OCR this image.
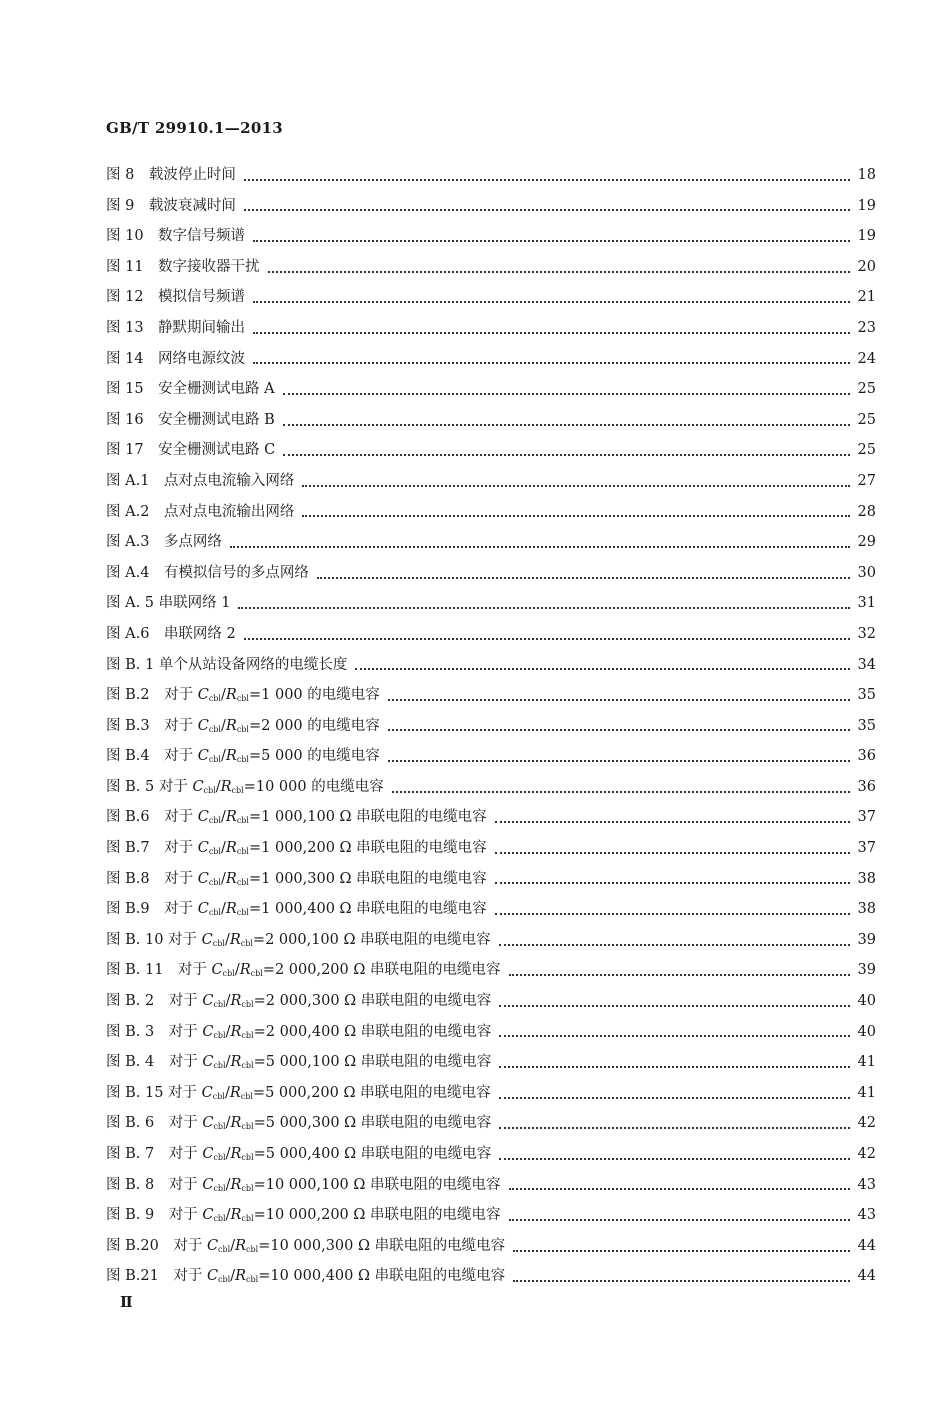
GB/T 29910.1—2013
图 8　载波停止时间	18
图 9　载波衰减时间	19
图 10　数字信号频谱	19
图 11　数字接收器干扰	20
图 12　模拟信号频谱	21
图 13　静默期间输出	23
图 14　网络电源纹波	24
图 15　安全栅测试电路 A	25
图 16　安全栅测试电路 B	25
图 17　安全栅测试电路 C	25
图 A.1　点对点电流输入网络	27
图 A.2　点对点电流输出网络	28
图 A.3　多点网络	29
图 A.4　有模拟信号的多点网络	30
图 A. 5 串联网络 1	31
图 A.6　串联网络 2	32
图 B. 1 单个从站设备网络的电缆长度	34
图 B.2　对于 $C_{cbl}/R_{cbl}=1$ 000 的电缆电容	35
图 B.3　对于 $C_{cbl}/R_{cbl}=2$ 000 的电缆电容	35
图 B.4　对于 $C_{cbl}/R_{cbl}=5$ 000 的电缆电容	36
图 B. 5 对于 $C_{cbl}/R_{cbl}=10$ 000 的电缆电容	36
图 B.6　对于 $C_{cbl}/R_{cbl}=1$ 000,100 Ω 串联电阻的电缆电容	37
图 B.7　对于 $C_{cbl}/R_{cbl}=1$ 000,200 Ω 串联电阻的电缆电容	37
图 B.8　对于 $C_{cbl}/R_{cbl}=1$ 000,300 Ω 串联电阻的电缆电容	38
图 B.9　对于 $C_{cbl}/R_{cbl}=1$ 000,400 Ω 串联电阻的电缆电容	38
图 B. 10 对于 $C_{cbl}/R_{cbl}=2$ 000,100 Ω 串联电阻的电缆电容	39
图 B. 11　对于 $C_{cbl}/R_{cbl}=2$ 000,200 Ω 串联电阻的电缆电容	39
图 B. 2　对于 $C_{cbl}/R_{cbl}=2$ 000,300 Ω 串联电阻的电缆电容	40
图 B. 3　对于 $C_{cbl}/R_{cbl}=2$ 000,400 Ω 串联电阻的电缆电容	40
图 B. 4　对于 $C_{cbl}/R_{cbl}=5$ 000,100 Ω 串联电阻的电缆电容	41
图 B. 15 对于 $C_{cbl}/R_{cbl}=5$ 000,200 Ω 串联电阻的电缆电容	41
图 B. 6　对于 $C_{cbl}/R_{cbl}=5$ 000,300 Ω 串联电阻的电缆电容	42
图 B. 7　对于 $C_{cbl}/R_{cbl}=5$ 000,400 Ω 串联电阻的电缆电容	42
图 B. 8　对于 $C_{cbl}/R_{cbl}=10$ 000,100 Ω 串联电阻的电缆电容	43
图 B. 9　对于 $C_{cbl}/R_{cbl}=10$ 000,200 Ω 串联电阻的电缆电容	43
图 B.20　对于 $C_{cbl}/R_{cbl}=10$ 000,300 Ω 串联电阻的电缆电容	44
图 B.21　对于 $C_{cbl}/R_{cbl}=10$ 000,400 Ω 串联电阻的电缆电容	44
Ⅱ
